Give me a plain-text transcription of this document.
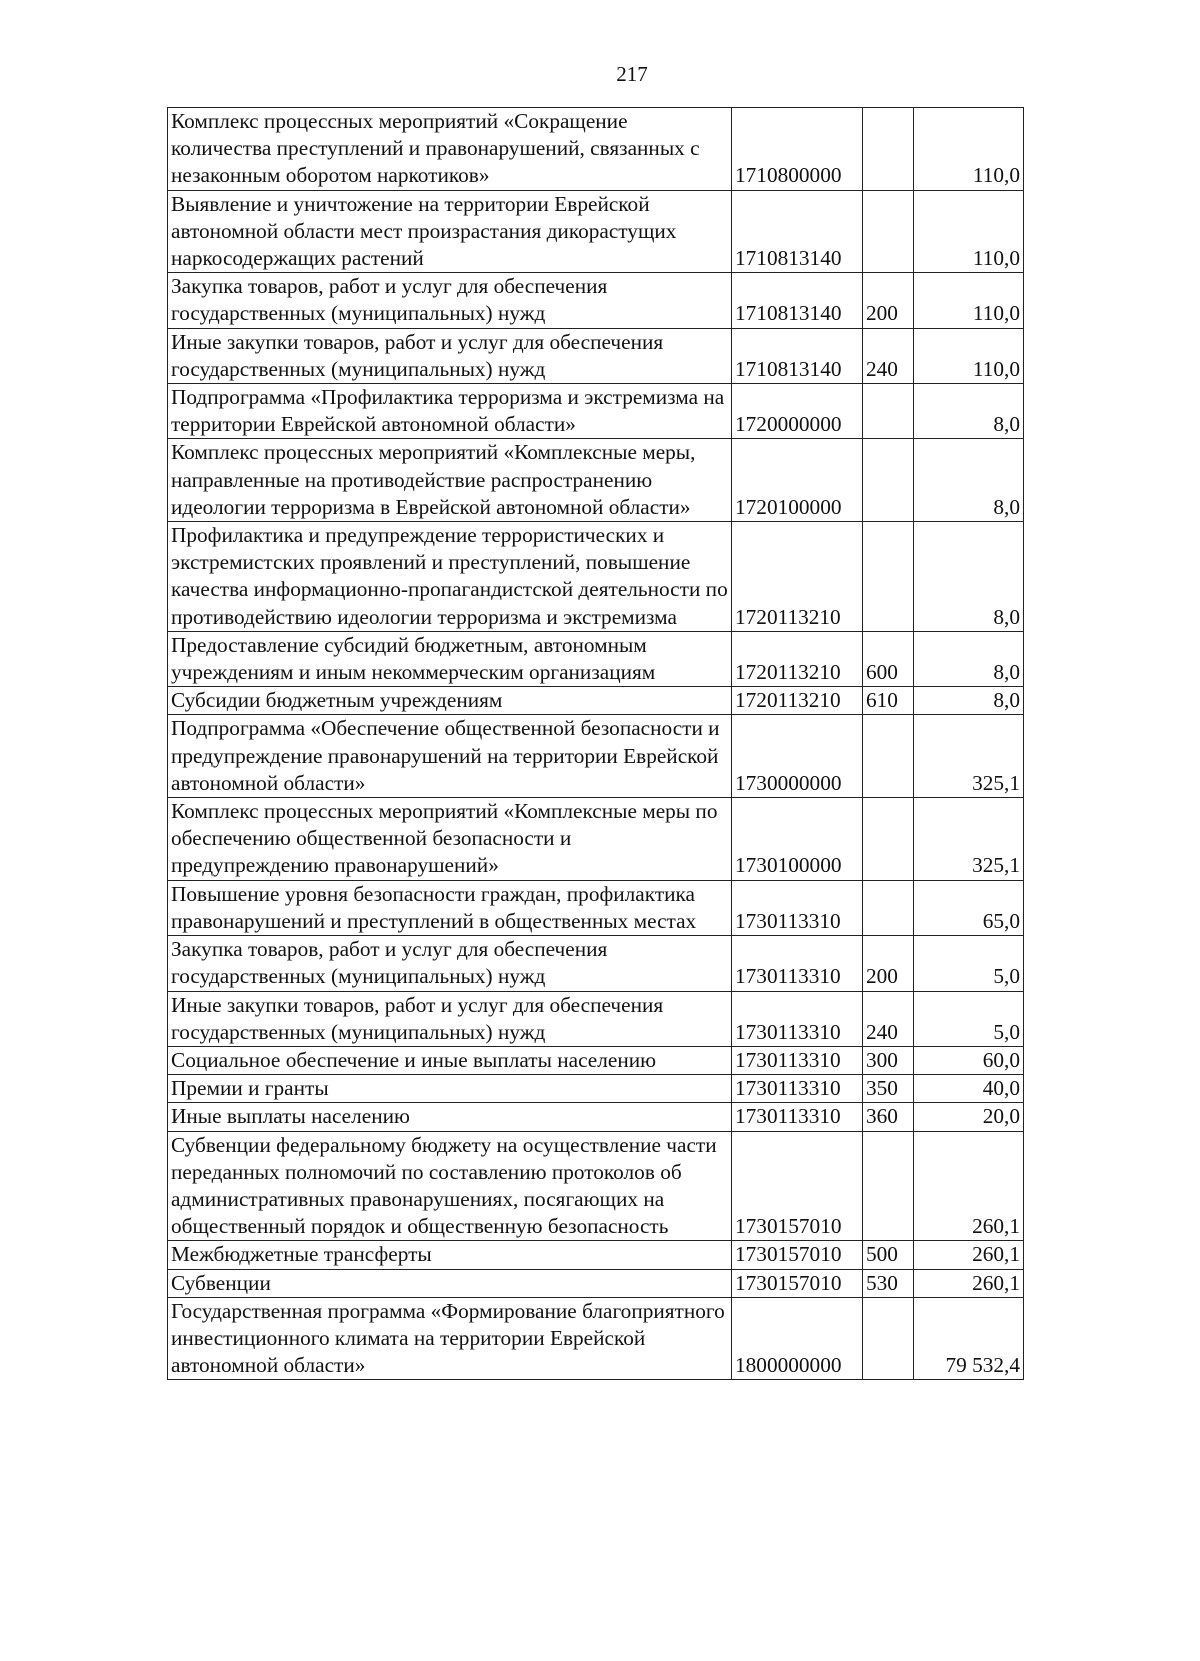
217
Комплекс процессных мероприятий «Сокращение количества преступлений и правонарушений, связанных с незаконным оборотом наркотиков»	1710800000		110,0
Выявление и уничтожение на территории Еврейской автономной области мест произрастания дикорастущих наркосодержащих растений	1710813140		110,0
Закупка товаров, работ и услуг для обеспечения государственных (муниципальных) нужд	1710813140	200	110,0
Иные закупки товаров, работ и услуг для обеспечения государственных (муниципальных) нужд	1710813140	240	110,0
Подпрограмма «Профилактика терроризма и экстремизма на территории Еврейской автономной области»	1720000000		8,0
Комплекс процессных мероприятий «Комплексные меры, направленные на противодействие распространению идеологии терроризма в Еврейской автономной области»	1720100000		8,0
Профилактика и предупреждение террористических и экстремистских проявлений и преступлений, повышение качества информационно-пропагандистской деятельности по противодействию идеологии терроризма и экстремизма	1720113210		8,0
Предоставление субсидий бюджетным, автономным учреждениям и иным некоммерческим организациям	1720113210	600	8,0
Субсидии бюджетным учреждениям	1720113210	610	8,0
Подпрограмма «Обеспечение общественной безопасности и предупреждение правонарушений на территории Еврейской автономной области»	1730000000		325,1
Комплекс процессных мероприятий «Комплексные меры по обеспечению общественной безопасности и предупреждению правонарушений»	1730100000		325,1
Повышение уровня безопасности граждан, профилактика правонарушений и преступлений в общественных местах	1730113310		65,0
Закупка товаров, работ и услуг для обеспечения государственных (муниципальных) нужд	1730113310	200	5,0
Иные закупки товаров, работ и услуг для обеспечения государственных (муниципальных) нужд	1730113310	240	5,0
Социальное обеспечение и иные выплаты населению	1730113310	300	60,0
Премии и гранты	1730113310	350	40,0
Иные выплаты населению	1730113310	360	20,0
Субвенции федеральному бюджету на осуществление части переданных полномочий по составлению протоколов об административных правонарушениях, посягающих на общественный порядок и общественную безопасность	1730157010		260,1
Межбюджетные трансферты	1730157010	500	260,1
Субвенции	1730157010	530	260,1
Государственная программа «Формирование благоприятного инвестиционного климата на территории Еврейской автономной области»	1800000000		79 532,4
